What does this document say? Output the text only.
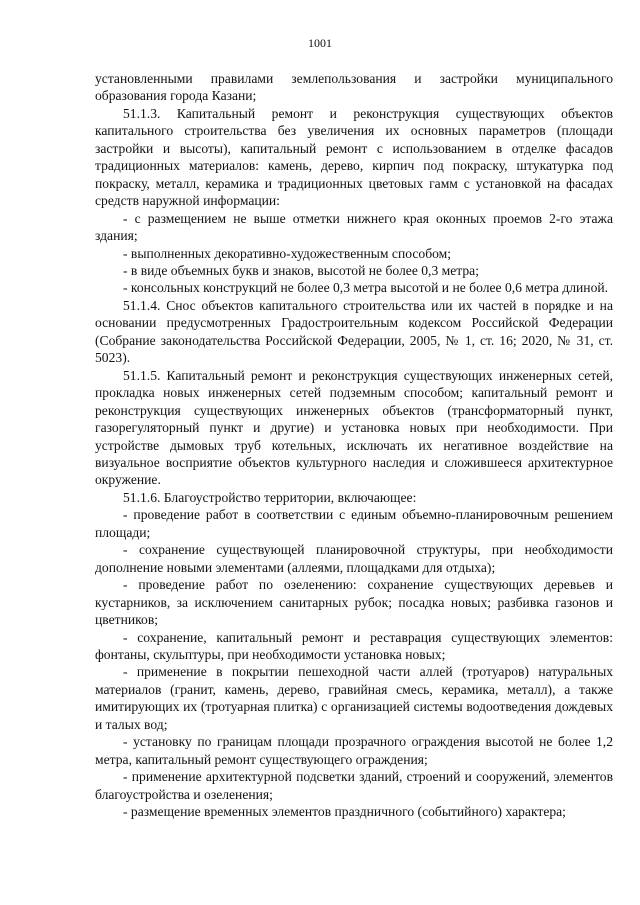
1001

установленными правилами землепользования и застройки муниципального образования города Казани;

51.1.3. Капитальный ремонт и реконструкция существующих объектов капитального строительства без увеличения их основных параметров (площади застройки и высоты), капитальный ремонт с использованием в отделке фасадов традиционных материалов: камень, дерево, кирпич под покраску, штукатурка под покраску, металл, керамика и традиционных цветовых гамм с установкой на фасадах средств наружной информации:

- с размещением не выше отметки нижнего края оконных проемов 2-го этажа здания;

- выполненных декоративно-художественным способом;

- в виде объемных букв и знаков, высотой не более 0,3 метра;

- консольных конструкций не более 0,3 метра высотой и не более 0,6 метра длиной.

51.1.4. Снос объектов капитального строительства или их частей в порядке и на основании предусмотренных Градостроительным кодексом Российской Федерации (Собрание законодательства Российской Федерации, 2005, № 1, ст. 16; 2020, № 31, ст. 5023).

51.1.5. Капитальный ремонт и реконструкция существующих инженерных сетей, прокладка новых инженерных сетей подземным способом; капитальный ремонт и реконструкция существующих инженерных объектов (трансформаторный пункт, газорегуляторный пункт и другие) и установка новых при необходимости. При устройстве дымовых труб котельных, исключать их негативное воздействие на визуальное восприятие объектов культурного наследия и сложившееся архитектурное окружение.

51.1.6. Благоустройство территории, включающее:

- проведение работ в соответствии с единым объемно-планировочным решением площади;

- сохранение существующей планировочной структуры, при необходимости дополнение новыми элементами (аллеями, площадками для отдыха);

- проведение работ по озеленению: сохранение существующих деревьев и кустарников, за исключением санитарных рубок; посадка новых; разбивка газонов и цветников;

- сохранение, капитальный ремонт и реставрация существующих элементов: фонтаны, скульптуры, при необходимости установка новых;

- применение в покрытии пешеходной части аллей (тротуаров) натуральных материалов (гранит, камень, дерево, гравийная смесь, керамика, металл), а также имитирующих их (тротуарная плитка) с организацией системы водоотведения дождевых и талых вод;

- установку по границам площади прозрачного ограждения высотой не более 1,2 метра, капитальный ремонт существующего ограждения;

- применение архитектурной подсветки зданий, строений и сооружений, элементов благоустройства и озеленения;

- размещение временных элементов праздничного (событийного) характера;
